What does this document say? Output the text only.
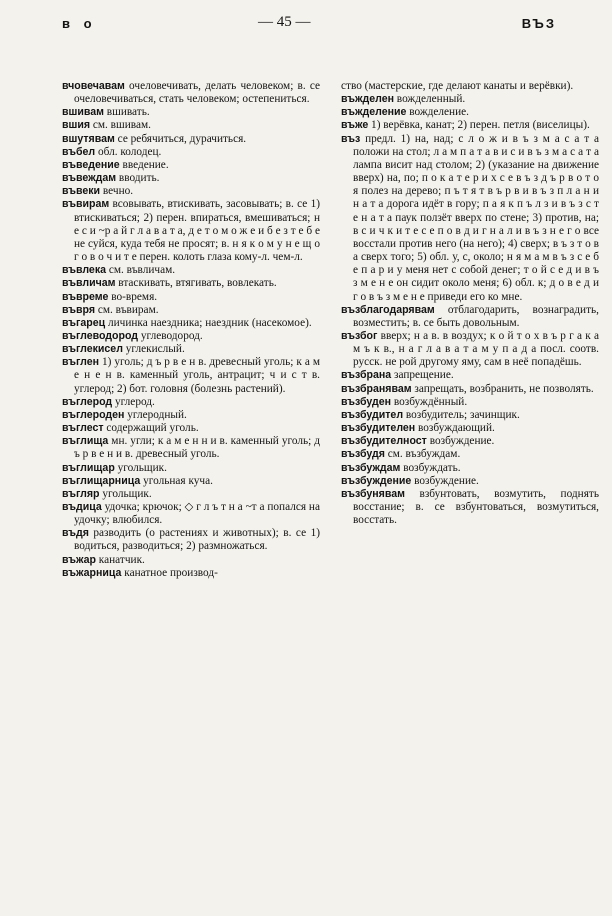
в о	— 45 —	ВЪЗ

вчовечавам очеловечивать, делать человеком; в. се очеловечиваться, стать человеком; остепениться.

вшивам вшивать.

вшия см. вшивам.

вшутявам се ребячиться, дурачиться.

въбел обл. колодец.

въведение введение.

въвеждам вводить.

въвеки вечно.

въвирам всовывать, втискивать, засовывать; в. се 1) втискиваться; 2) перен. впираться, вмешиваться; н е с и ~р а й г л а в а т а, д е т о м о ж е и б е з т е б е не суйся, куда тебя не просят; в. н я к о м у н е щ о г о в о ч и т е перен. колоть глаза кому-л. чем-л.

въвлека см. въвличам.

въвличам втаскивать, втягивать, вовлекать.

въвреме во-время.

въвря см. въвирам.

въгарец личинка наездника; наездник (насекомое).

въглеводород углеводород.

въглекисел углекислый.

въглен 1) уголь; д ъ р в е н в. древесный уголь; к а м е н е н в. каменный уголь, антрацит; ч и с т в. углерод; 2) бот. головня (болезнь растений).

въглерод углерод.

въглероден углеродный.

въглест содержащий уголь.

въглища мн. угли; к а м е н н и в. каменный уголь; д ъ р в е н и в. древесный уголь.

въглищар угольщик.

въглищарница угольная куча.

въгляр угольщик.

въдица удочка; крючок; ◇ г л ъ т н а ~т а попался на удочку; влюбился.

въдя разводить (о растениях и животных); в. се 1) водиться, разводиться; 2) размножаться.

въжар канатчик.

въжарница канатное производ-

ство (мастерские, где делают канаты и верёвки).

въжделен вожделенный.

въжделение вожделение.

въже 1) верёвка, канат; 2) перен. петля (виселицы).

въз предл. 1) на, над; с л о ж и в ъ з м а с а т а положи на стол; л а м п а т а в и с и в ъ з м а с а т а лампа висит над столом; 2) (указание на движение вверх) на, по; п о к а т е р и х с е в ъ з д ъ р в о т о я полез на дерево; п ъ т я т в ъ р в и в ъ з п л а н и н а т а дорога идёт в гору; п а я к п ъ л з и в ъ з с т е н а т а паук ползёт вверх по стене; 3) против, на; в с и ч к и т е с е п о в д и г н а л и в ъ з н е г о все восстали против него (на него); 4) сверх; в ъ з т о в а сверх того; 5) обл. у, с, около; н я м а м в ъ з с е б е п а р и у меня нет с собой денег; т о й с е д и в ъ з м е н е он сидит около меня; 6) обл. к; д о в е д и г о в ъ з м е н е приведи его ко мне.

възблагодарявам отблагодарить, вознаградить, возместить; в. се быть довольным.

възбог вверх; н а в. в воздух; к о й т о х в ъ р г а к а м ъ к в., н а г л а в а т а м у п а д а посл. соотв. русск. не рой другому яму, сам в неё попадёшь.

възбрана запрещение.

възбранявам запрещать, возбранить, не позволять.

възбуден возбуждённый.

възбудител возбудитель; зачинщик.

възбудителен возбуждающий.

възбудителност возбуждение.

възбудя см. възбуждам.

възбуждам возбуждать.

възбуждение возбуждение.

възбунявам взбунтовать, возмутить, поднять восстание; в. се взбунтоваться, возмутиться, восстать.
